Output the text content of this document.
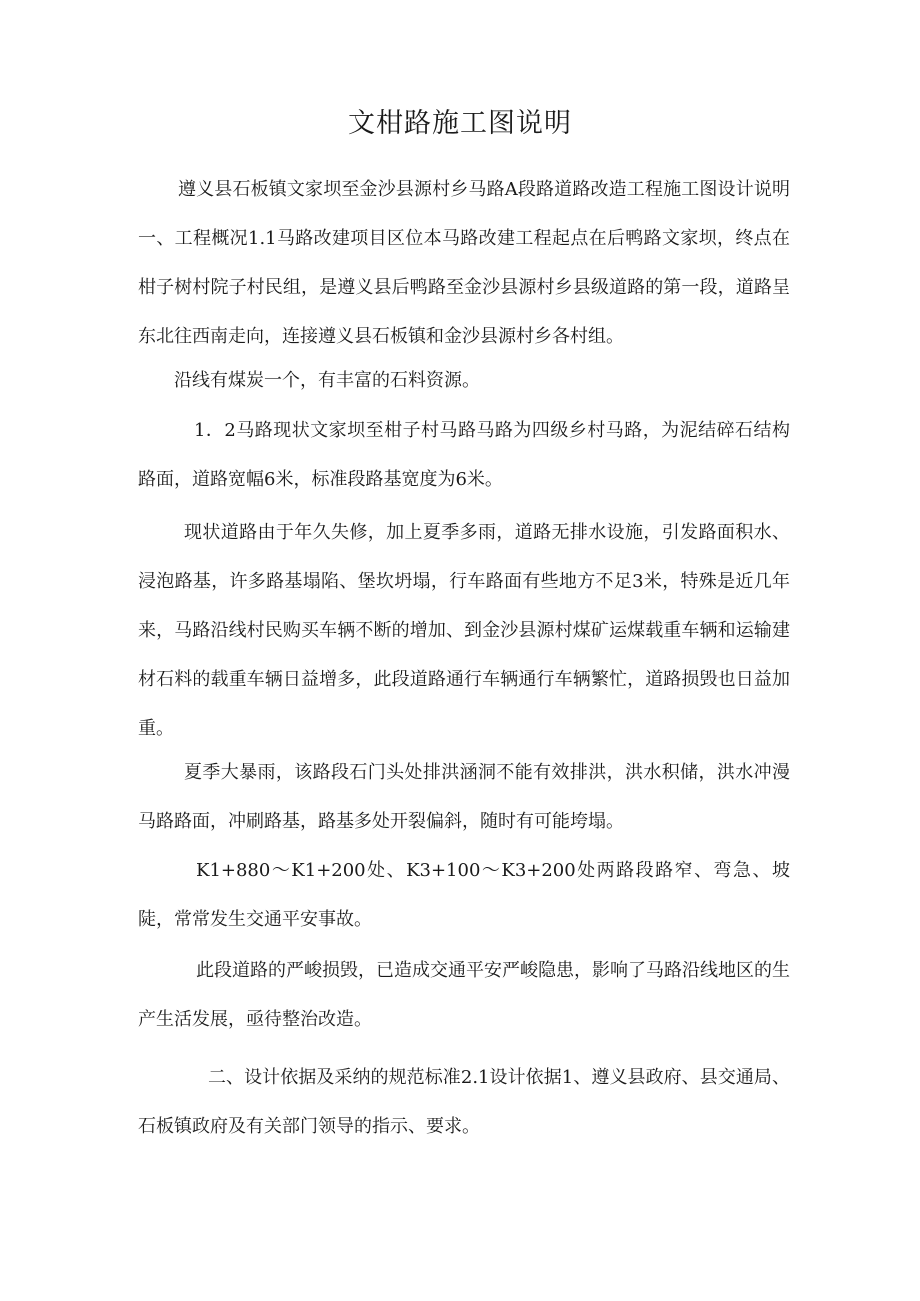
文柑路施工图说明

遵义县石板镇文家坝至金沙县源村乡马路A段路道路改造工程施工图设计说明一、工程概况1.1马路改建项目区位本马路改建工程起点在后鸭路文家坝，终点在柑子树村院子村民组，是遵义县后鸭路至金沙县源村乡县级道路的第一段，道路呈东北往西南走向，连接遵义县石板镇和金沙县源村乡各村组。

沿线有煤炭一个，有丰富的石料资源。

1．2马路现状文家坝至柑子村马路马路为四级乡村马路，为泥结碎石结构路面，道路宽幅6米，标准段路基宽度为6米。

现状道路由于年久失修，加上夏季多雨，道路无排水设施，引发路面积水、浸泡路基，许多路基塌陷、堡坎坍塌，行车路面有些地方不足3米，特殊是近几年来，马路沿线村民购买车辆不断的增加、到金沙县源村煤矿运煤载重车辆和运输建材石料的载重车辆日益增多，此段道路通行车辆通行车辆繁忙，道路损毁也日益加重。

夏季大暴雨，该路段石门头处排洪涵洞不能有效排洪，洪水积储，洪水冲漫马路路面，冲刷路基，路基多处开裂偏斜，随时有可能垮塌。

K1+880～K1+200处、K3+100～K3+200处两路段路窄、弯急、坡陡，常常发生交通平安事故。

此段道路的严峻损毁，已造成交通平安严峻隐患，影响了马路沿线地区的生产生活发展，亟待整治改造。

二、设计依据及采纳的规范标准2.1设计依据1、遵义县政府、县交通局、石板镇政府及有关部门领导的指示、要求。
